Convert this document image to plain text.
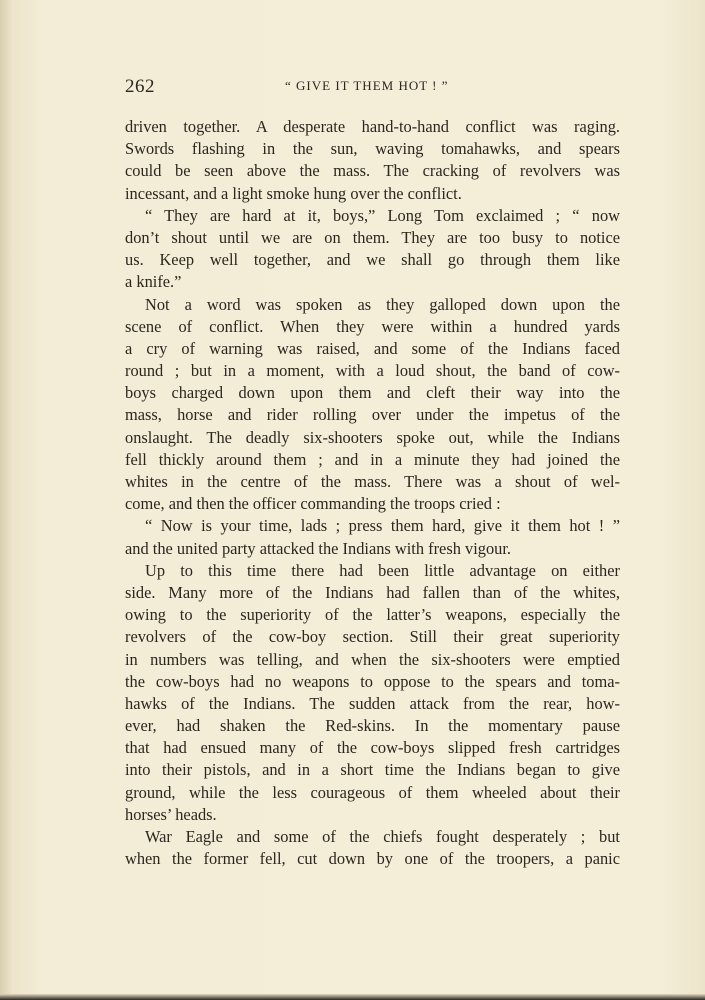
262	“ GIVE IT THEM HOT ! ”
driven together. A desperate hand-to-hand conflict was raging.
Swords flashing in the sun, waving tomahawks, and spears
could be seen above the mass. The cracking of revolvers was
incessant, and a light smoke hung over the conflict.
“ They are hard at it, boys,” Long Tom exclaimed ; “ now
don’t shout until we are on them. They are too busy to notice
us. Keep well together, and we shall go through them like
a knife.”
Not a word was spoken as they galloped down upon the
scene of conflict. When they were within a hundred yards
a cry of warning was raised, and some of the Indians faced
round ; but in a moment, with a loud shout, the band of cow-
boys charged down upon them and cleft their way into the
mass, horse and rider rolling over under the impetus of the
onslaught. The deadly six-shooters spoke out, while the Indians
fell thickly around them ; and in a minute they had joined the
whites in the centre of the mass. There was a shout of wel-
come, and then the officer commanding the troops cried :
“ Now is your time, lads ; press them hard, give it them hot ! ”
and the united party attacked the Indians with fresh vigour.
Up to this time there had been little advantage on either
side. Many more of the Indians had fallen than of the whites,
owing to the superiority of the latter’s weapons, especially the
revolvers of the cow-boy section. Still their great superiority
in numbers was telling, and when the six-shooters were emptied
the cow-boys had no weapons to oppose to the spears and toma-
hawks of the Indians. The sudden attack from the rear, how-
ever, had shaken the Red-skins. In the momentary pause
that had ensued many of the cow-boys slipped fresh cartridges
into their pistols, and in a short time the Indians began to give
ground, while the less courageous of them wheeled about their
horses’ heads.
War Eagle and some of the chiefs fought desperately ; but
when the former fell, cut down by one of the troopers, a panic
